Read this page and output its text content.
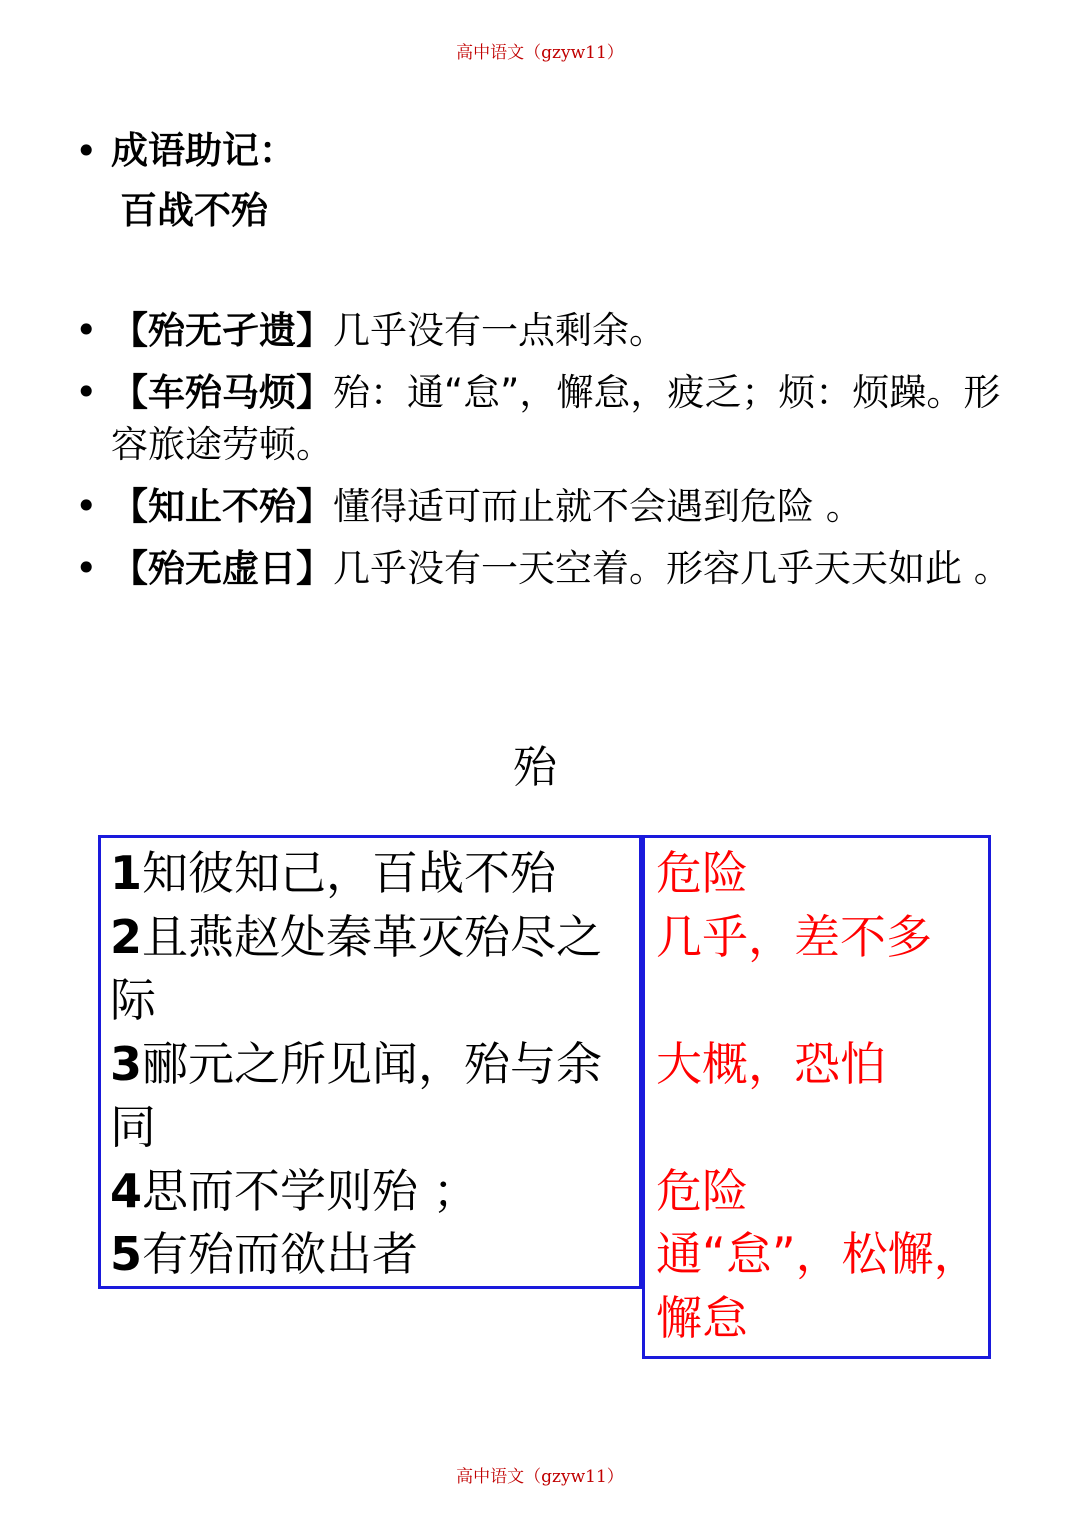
高中语文（gzyw11）
• 成语助记：
百战不殆
• 【殆无孑遗】几乎没有一点剩余。
• 【车殆马烦】殆：通“怠”，懈怠，疲乏；烦：烦躁。形容旅途劳顿。
• 【知止不殆】懂得适可而止就不会遇到危险 。
• 【殆无虚日】几乎没有一天空着。形容几乎天天如此 。
殆
1知彼知己，百战不殆
2且燕赵处秦革灭殆尽之际
3郦元之所见闻，殆与余同
4思而不学则殆 ；
5有殆而欲出者
危险
几乎，差不多
大概，恐怕
危险
通“怠”，松懈，懈怠
高中语文（gzyw11）
